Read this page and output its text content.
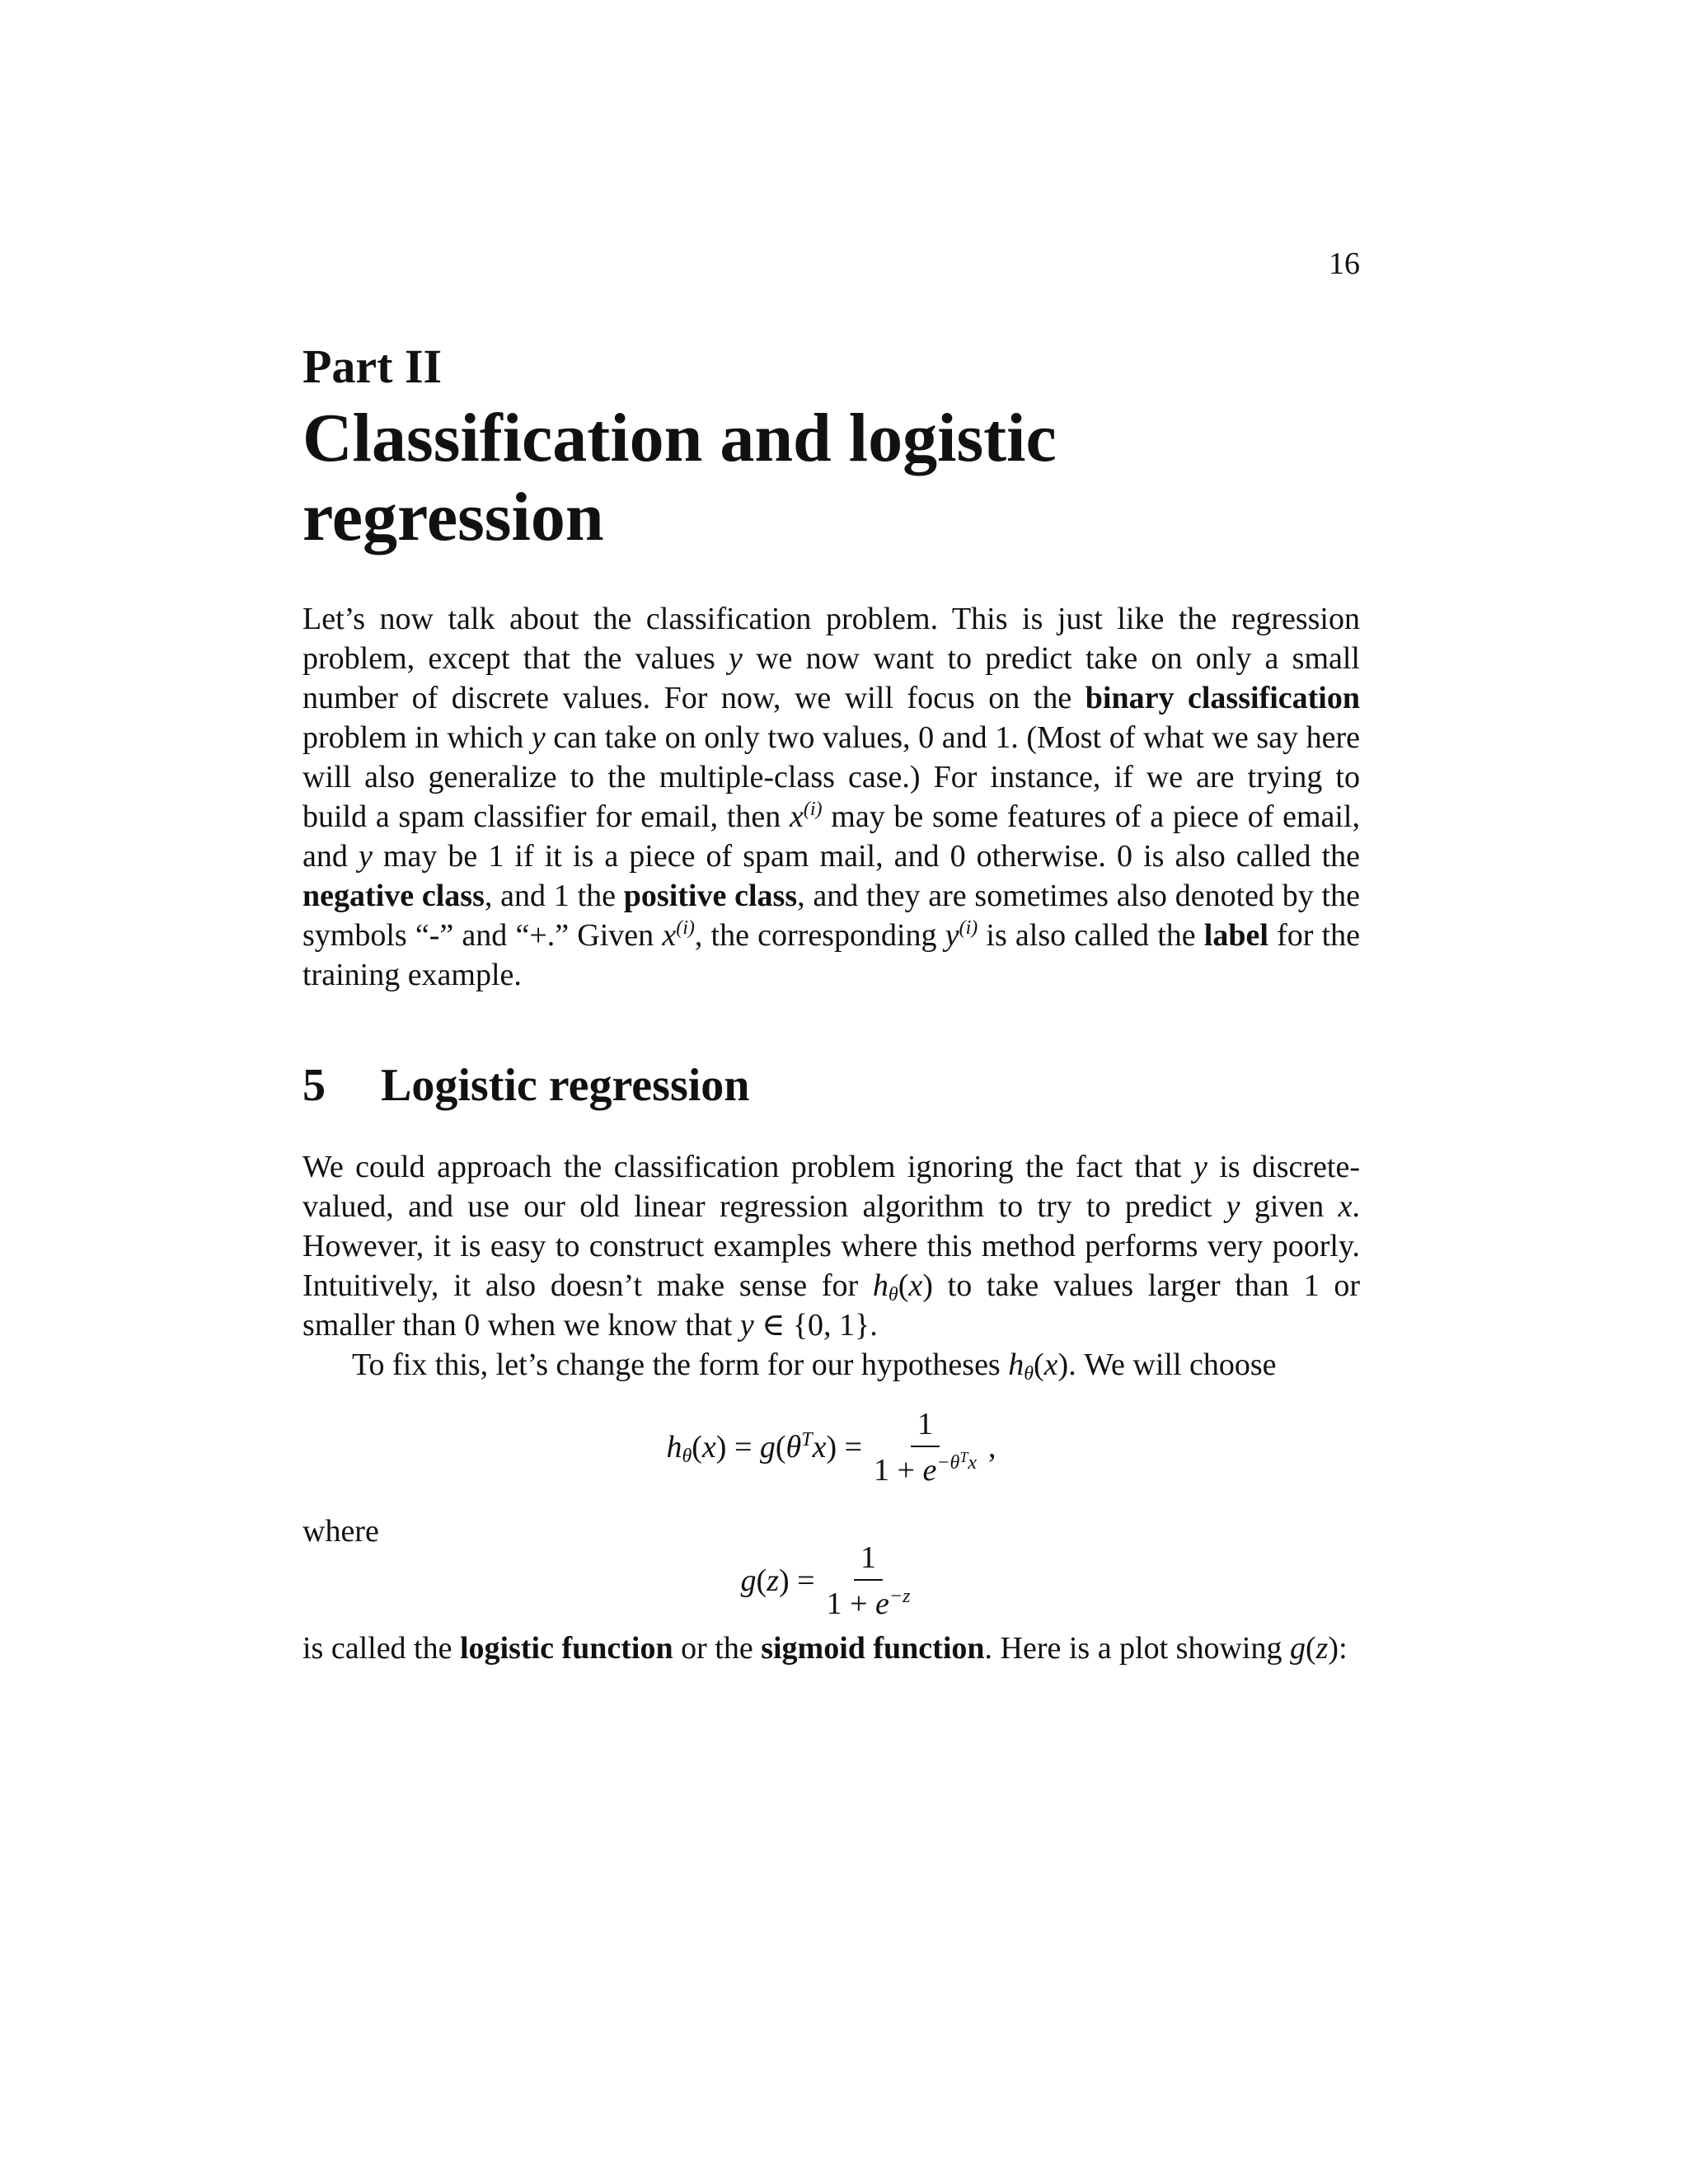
16
Part II
Classification and logistic regression

Let’s now talk about the classification problem. This is just like the regression problem, except that the values y we now want to predict take on only a small number of discrete values. For now, we will focus on the binary classification problem in which y can take on only two values, 0 and 1. (Most of what we say here will also generalize to the multiple-class case.) For instance, if we are trying to build a spam classifier for email, then $x^{(i)}$ may be some features of a piece of email, and y may be 1 if it is a piece of spam mail, and 0 otherwise. 0 is also called the negative class, and 1 the positive class, and they are sometimes also denoted by the symbols “-” and “+.” Given $x^{(i)}$, the corresponding $y^{(i)}$ is also called the label for the training example.

5 Logistic regression

We could approach the classification problem ignoring the fact that y is discrete-valued, and use our old linear regression algorithm to try to predict y given x. However, it is easy to construct examples where this method performs very poorly. Intuitively, it also doesn’t make sense for $h_\theta(x)$ to take values larger than 1 or smaller than 0 when we know that y ∈ {0, 1}.

To fix this, let’s change the form for our hypotheses $h_\theta(x)$. We will choose

$h_\theta(x) = g(\theta^Tx) = \frac{1}{1 + e^{-\theta^Tx}}$ ,
where
$g(z) = \frac{1}{1 + e^{-z}}$

is called the logistic function or the sigmoid function. Here is a plot showing g(z):
